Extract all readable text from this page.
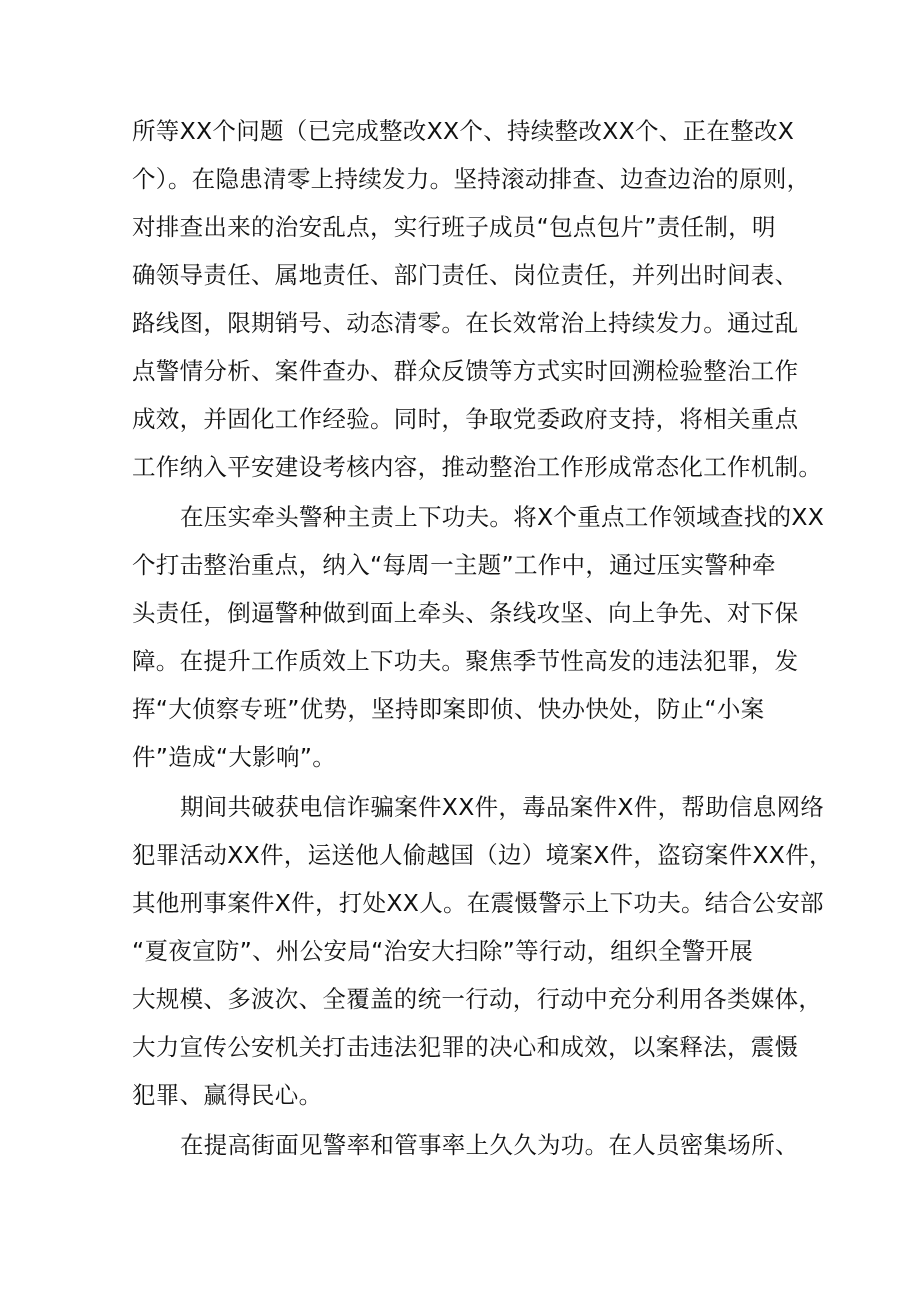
所等XX个问题（已完成整改XX个、持续整改XX个、正在整改X
个）。在隐患清零上持续发力。坚持滚动排查、边查边治的原则，
对排查出来的治安乱点，实行班子成员“包点包片”责任制，明
确领导责任、属地责任、部门责任、岗位责任，并列出时间表、
路线图，限期销号、动态清零。在长效常治上持续发力。通过乱
点警情分析、案件查办、群众反馈等方式实时回溯检验整治工作
成效，并固化工作经验。同时，争取党委政府支持，将相关重点
工作纳入平安建设考核内容，推动整治工作形成常态化工作机制。
在压实牵头警种主责上下功夫。将X个重点工作领域查找的XX
个打击整治重点，纳入“每周一主题”工作中，通过压实警种牵
头责任，倒逼警种做到面上牵头、条线攻坚、向上争先、对下保
障。在提升工作质效上下功夫。聚焦季节性高发的违法犯罪，发
挥“大侦察专班”优势，坚持即案即侦、快办快处，防止“小案
件”造成“大影响”。
期间共破获电信诈骗案件XX件，毒品案件X件，帮助信息网络
犯罪活动XX件，运送他人偷越国（边）境案X件，盗窃案件XX件，
其他刑事案件X件，打处XX人。在震慑警示上下功夫。结合公安部
“夏夜宣防”、州公安局“治安大扫除”等行动，组织全警开展
大规模、多波次、全覆盖的统一行动，行动中充分利用各类媒体，
大力宣传公安机关打击违法犯罪的决心和成效，以案释法，震慑
犯罪、赢得民心。
在提高街面见警率和管事率上久久为功。在人员密集场所、
